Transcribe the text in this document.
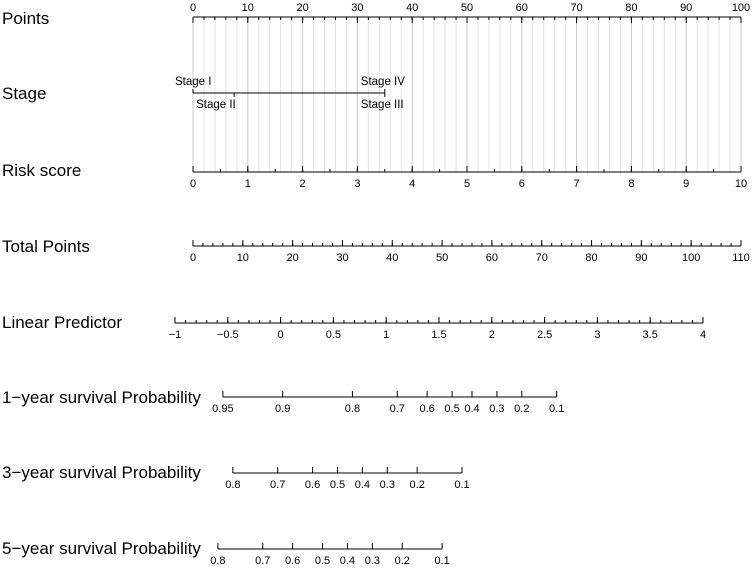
Points
Stage
Risk score
Total Points
Linear Predictor
1−year survival Probability
3−year survival Probability
5−year survival Probability
0	10	20	30	40	50	60	70	80	90	100
Stage I
Stage II	Stage III
Stage IV
0	1	2	3	4	5	6	7	8	9	10
0	10	20	30	40	50	60	70	80	90	100	110
−1	−0.5	0	0.5	1	1.5	2	2.5	3	3.5	4
0.95	0.9	0.8	0.7 0.6 0.5 0.4 0.3 0.2 0.1
0.8	0.7 0.6 0.5 0.4 0.3 0.2	0.1
0.8	0.7 0.6 0.5 0.4 0.3 0.2 0.1
